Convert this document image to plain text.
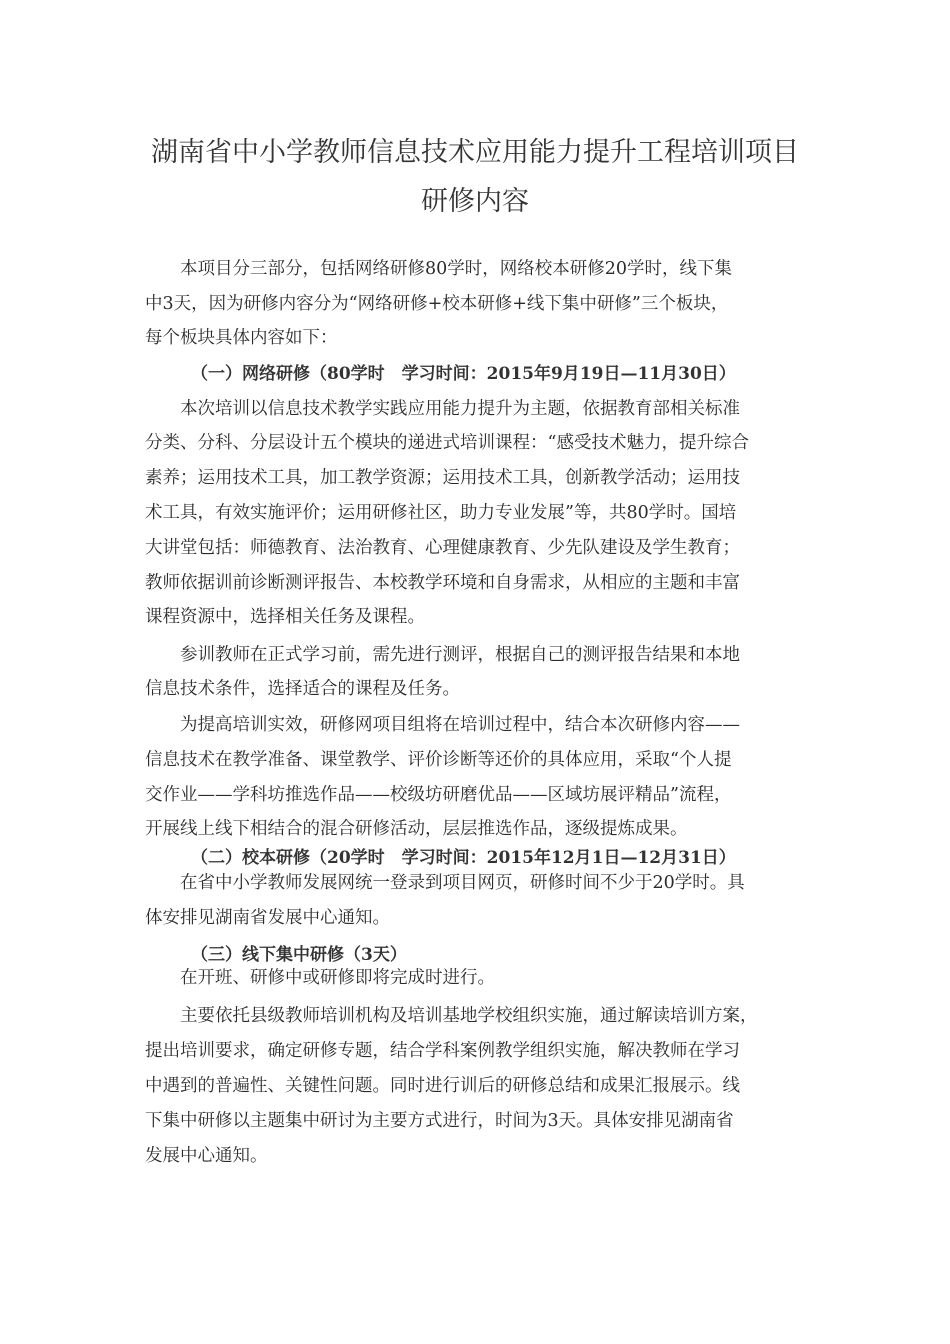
湖南省中小学教师信息技术应用能力提升工程培训项目
研修内容

　　本项目分三部分，包括网络研修80学时，网络校本研修20学时，线下集

中3天，因为研修内容分为“网络研修+校本研修+线下集中研修”三个板块，

每个板块具体内容如下：

（一）网络研修（80学时　学习时间：2015年9月19日—11月30日）

　　本次培训以信息技术教学实践应用能力提升为主题，依据教育部相关标准

分类、分科、分层设计五个模块的递进式培训课程：“感受技术魅力，提升综合

素养；运用技术工具，加工教学资源；运用技术工具，创新教学活动；运用技

术工具，有效实施评价；运用研修社区，助力专业发展”等，共80学时。国培

大讲堂包括：师德教育、法治教育、心理健康教育、少先队建设及学生教育；

教师依据训前诊断测评报告、本校教学环境和自身需求，从相应的主题和丰富

课程资源中，选择相关任务及课程。

　　参训教师在正式学习前，需先进行测评，根据自己的测评报告结果和本地

信息技术条件，选择适合的课程及任务。

　　为提高培训实效，研修网项目组将在培训过程中，结合本次研修内容——

信息技术在教学准备、课堂教学、评价诊断等还价的具体应用，采取“个人提

交作业——学科坊推选作品——校级坊研磨优品——区域坊展评精品”流程，

开展线上线下相结合的混合研修活动，层层推选作品，逐级提炼成果。

（二）校本研修（20学时　学习时间：2015年12月1日—12月31日）

　　在省中小学教师发展网统一登录到项目网页，研修时间不少于20学时。具

体安排见湖南省发展中心通知。

（三）线下集中研修（3天）

　　在开班、研修中或研修即将完成时进行。

　　主要依托县级教师培训机构及培训基地学校组织实施，通过解读培训方案，

提出培训要求，确定研修专题，结合学科案例教学组织实施，解决教师在学习

中遇到的普遍性、关键性问题。同时进行训后的研修总结和成果汇报展示。线

下集中研修以主题集中研讨为主要方式进行，时间为3天。具体安排见湖南省

发展中心通知。
